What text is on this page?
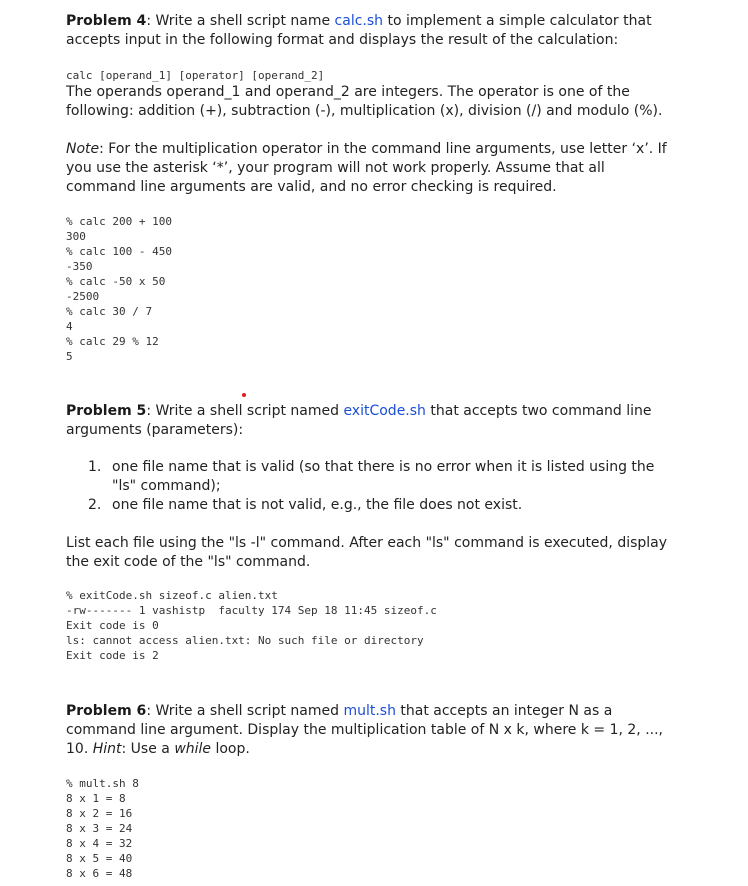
Problem 4: Write a shell script name calc.sh to implement a simple calculator that accepts input in the following format and displays the result of the calculation:

calc [operand_1] [operator] [operand_2]

The operands operand_1 and operand_2 are integers. The operator is one of the following: addition (+), subtraction (-), multiplication (x), division (/) and modulo (%).

Note: For the multiplication operator in the command line arguments, use letter ‘x’. If you use the asterisk ‘*’, your program will not work properly. Assume that all command line arguments are valid, and no error checking is required.

% calc 200 + 100

300

% calc 100 - 450

-350

% calc -50 x 50

-2500

% calc 30 / 7

4

% calc 29 % 12

5

Problem 5: Write a shell script named exitCode.sh that accepts two command line arguments (parameters):

1. one file name that is valid (so that there is no error when it is listed using the "ls" command);
2. one file name that is not valid, e.g., the file does not exist.

List each file using the "ls -l" command. After each "ls" command is executed, display the exit code of the "ls" command.

% exitCode.sh sizeof.c alien.txt

-rw------- 1 vashistp  faculty 174 Sep 18 11:45 sizeof.c

Exit code is 0

ls: cannot access alien.txt: No such file or directory

Exit code is 2

Problem 6: Write a shell script named mult.sh that accepts an integer N as a command line argument. Display the multiplication table of N x k, where k = 1, 2, ..., 10. Hint: Use a while loop.

% mult.sh 8

8 x 1 = 8

8 x 2 = 16

8 x 3 = 24

8 x 4 = 32

8 x 5 = 40

8 x 6 = 48
